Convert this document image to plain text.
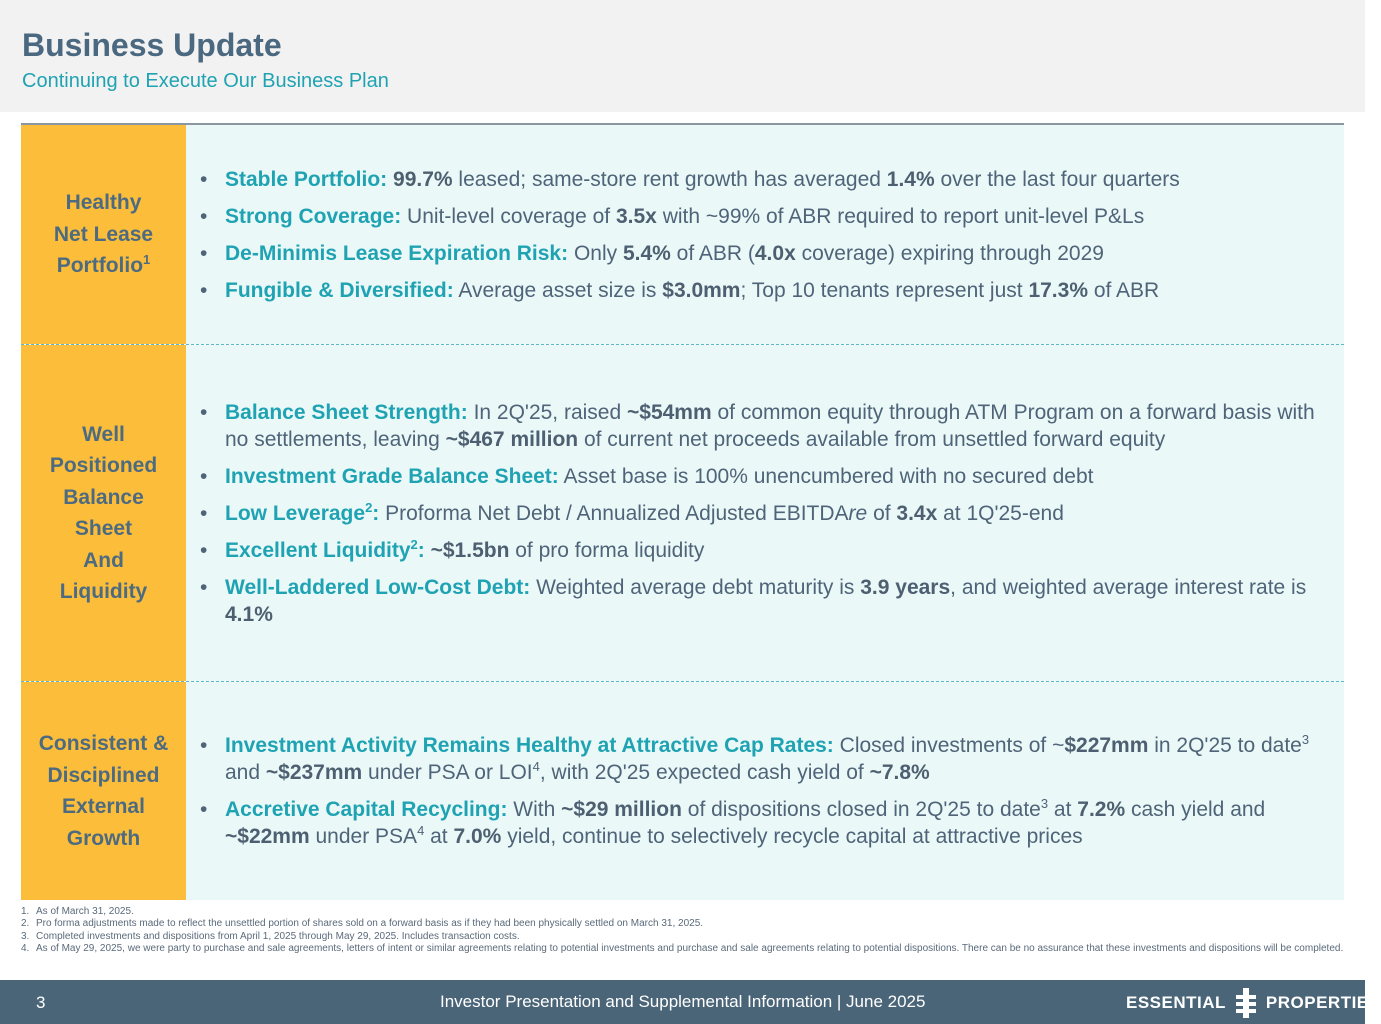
Business Update
Continuing to Execute Our Business Plan
Healthy
Net Lease
Portfolio$^1$
• Stable Portfolio: 99.7% leased; same-store rent growth has averaged 1.4% over the last four quarters
• Strong Coverage: Unit-level coverage of 3.5x with ~99% of ABR required to report unit-level P&Ls
• De-Minimis Lease Expiration Risk: Only 5.4% of ABR (4.0x coverage) expiring through 2029
• Fungible & Diversified: Average asset size is $3.0mm; Top 10 tenants represent just 17.3% of ABR
Well
Positioned
Balance
Sheet
And
Liquidity
• Balance Sheet Strength: In 2Q'25, raised ~$54mm of common equity through ATM Program on a forward basis with no settlements, leaving ~$467 million of current net proceeds available from unsettled forward equity
• Investment Grade Balance Sheet: Asset base is 100% unencumbered with no secured debt
• Low Leverage$^2$: Proforma Net Debt / Annualized Adjusted EBITDAre of 3.4x at 1Q'25-end
• Excellent Liquidity$^2$: ~$1.5bn of pro forma liquidity
• Well-Laddered Low-Cost Debt: Weighted average debt maturity is 3.9 years, and weighted average interest rate is 4.1%
Consistent &
Disciplined
External
Growth
• Investment Activity Remains Healthy at Attractive Cap Rates: Closed investments of ~$227mm in 2Q'25 to date$^3$ and ~$237mm under PSA or LOI$^4$, with 2Q'25 expected cash yield of ~7.8%
• Accretive Capital Recycling: With ~$29 million of dispositions closed in 2Q'25 to date$^3$ at 7.2% cash yield and ~$22mm under PSA$^4$ at 7.0% yield, continue to selectively recycle capital at attractive prices
1. As of March 31, 2025.
2. Pro forma adjustments made to reflect the unsettled portion of shares sold on a forward basis as if they had been physically settled on March 31, 2025.
3. Completed investments and dispositions from April 1, 2025 through May 29, 2025. Includes transaction costs.
4. As of May 29, 2025, we were party to purchase and sale agreements, letters of intent or similar agreements relating to potential investments and purchase and sale agreements relating to potential dispositions. There can be no assurance that these investments and dispositions will be completed.
3	Investor Presentation and Supplemental Information | June 2025	ESSENTIAL PROPERTIES
